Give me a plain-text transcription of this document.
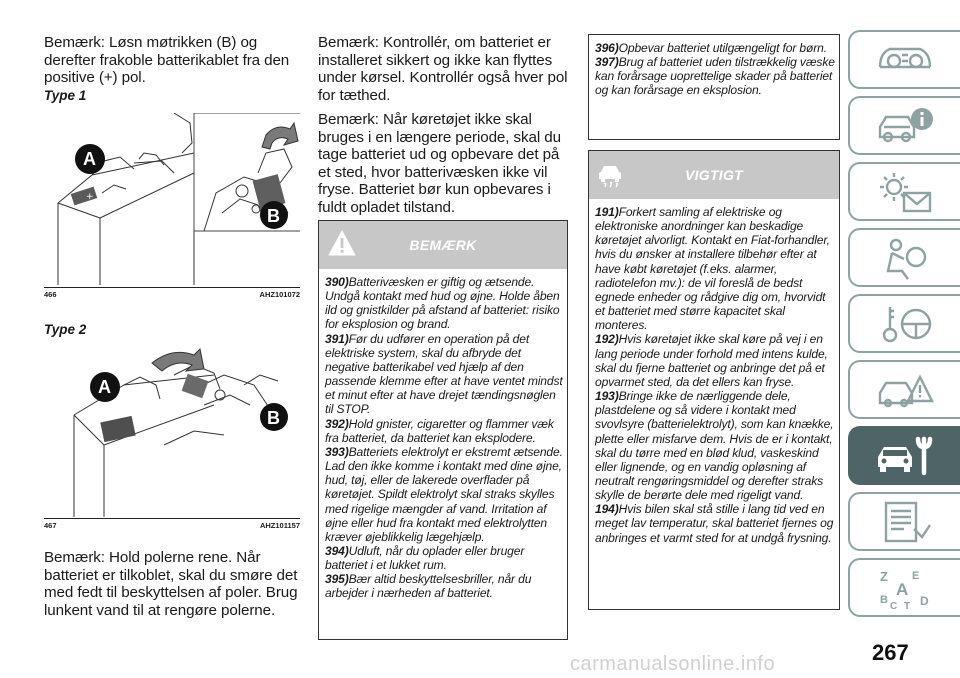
Bemærk: Løsn møtrikken (B) og derefter frakoble batterikablet fra den positive (+) pol.

Type 1
+
A
B
466	AHZ101072
Type 2
A
B
467	AHZ101157

Bemærk: Hold polerne rene. Når batteriet er tilkoblet, skal du smøre det med fedt til beskyttelsen af poler. Brug lunkent vand til at rengøre polerne.

Bemærk: Kontrollér, om batteriet er installeret sikkert og ikke kan flyttes under kørsel. Kontrollér også hver pol for tæthed.

Bemærk: Når køretøjet ikke skal bruges i en længere periode, skal du tage batteriet ud og opbevare det på et sted, hvor batterivæsken ikke vil fryse. Batteriet bør kun opbevares i fuldt opladet tilstand.

BEMÆRK

390)Batterivæsken er giftig og ætsende. Undgå kontakt med hud og øjne. Holde åben ild og gnistkilder på afstand af batteriet: risiko for eksplosion og brand.

391)Før du udfører en operation på det elektriske system, skal du afbryde det negative batterikabel ved hjælp af den passende klemme efter at have ventet mindst et minut efter at have drejet tændingsnøglen til STOP.

392)Hold gnister, cigaretter og flammer væk fra batteriet, da batteriet kan eksplodere.

393)Batteriets elektrolyt er ekstremt ætsende. Lad den ikke komme i kontakt med dine øjne, hud, tøj, eller de lakerede overflader på køretøjet. Spildt elektrolyt skal straks skylles med rigelige mængder af vand. Irritation af øjne eller hud fra kontakt med elektrolytten kræver øjeblikkelig lægehjælp.

394)Udluft, når du oplader eller bruger batteriet i et lukket rum.

395)Bær altid beskyttelsesbriller, når du arbejder i nærheden af batteriet.

396)Opbevar batteriet utilgængeligt for børn.

397)Brug af batteriet uden tilstrækkelig væske kan forårsage uoprettelige skader på batteriet og kan forårsage en eksplosion.

VIGTIGT

191)Forkert samling af elektriske og elektroniske anordninger kan beskadige køretøjet alvorligt. Kontakt en Fiat-forhandler, hvis du ønsker at installere tilbehør efter at have købt køretøjet (f.eks. alarmer, radiotelefon mv.): de vil foreslå de bedst egnede enheder og rådgive dig om, hvorvidt et batteriet med større kapacitet skal monteres.

192)Hvis køretøjet ikke skal køre på vej i en lang periode under forhold med intens kulde, skal du fjerne batteriet og anbringe det på et opvarmet sted, da det ellers kan fryse.

193)Bringe ikke de nærliggende dele, plastdelene og så videre i kontakt med svovlsyre (batterielektrolyt), som kan knække, plette eller misfarve dem. Hvis de er i kontakt, skal du tørre med en blød klud, vaskeskind eller lignende, og en vandig opløsning af neutralt rengøringsmiddel og derefter straks skylle de berørte dele med rigeligt vand.

194)Hvis bilen skal stå stille i lang tid ved en meget lav temperatur, skal batteriet fjernes og anbringes et varmt sted for at undgå frysning.

Z E
A
B
C T D
267
carmanualsonline.info
